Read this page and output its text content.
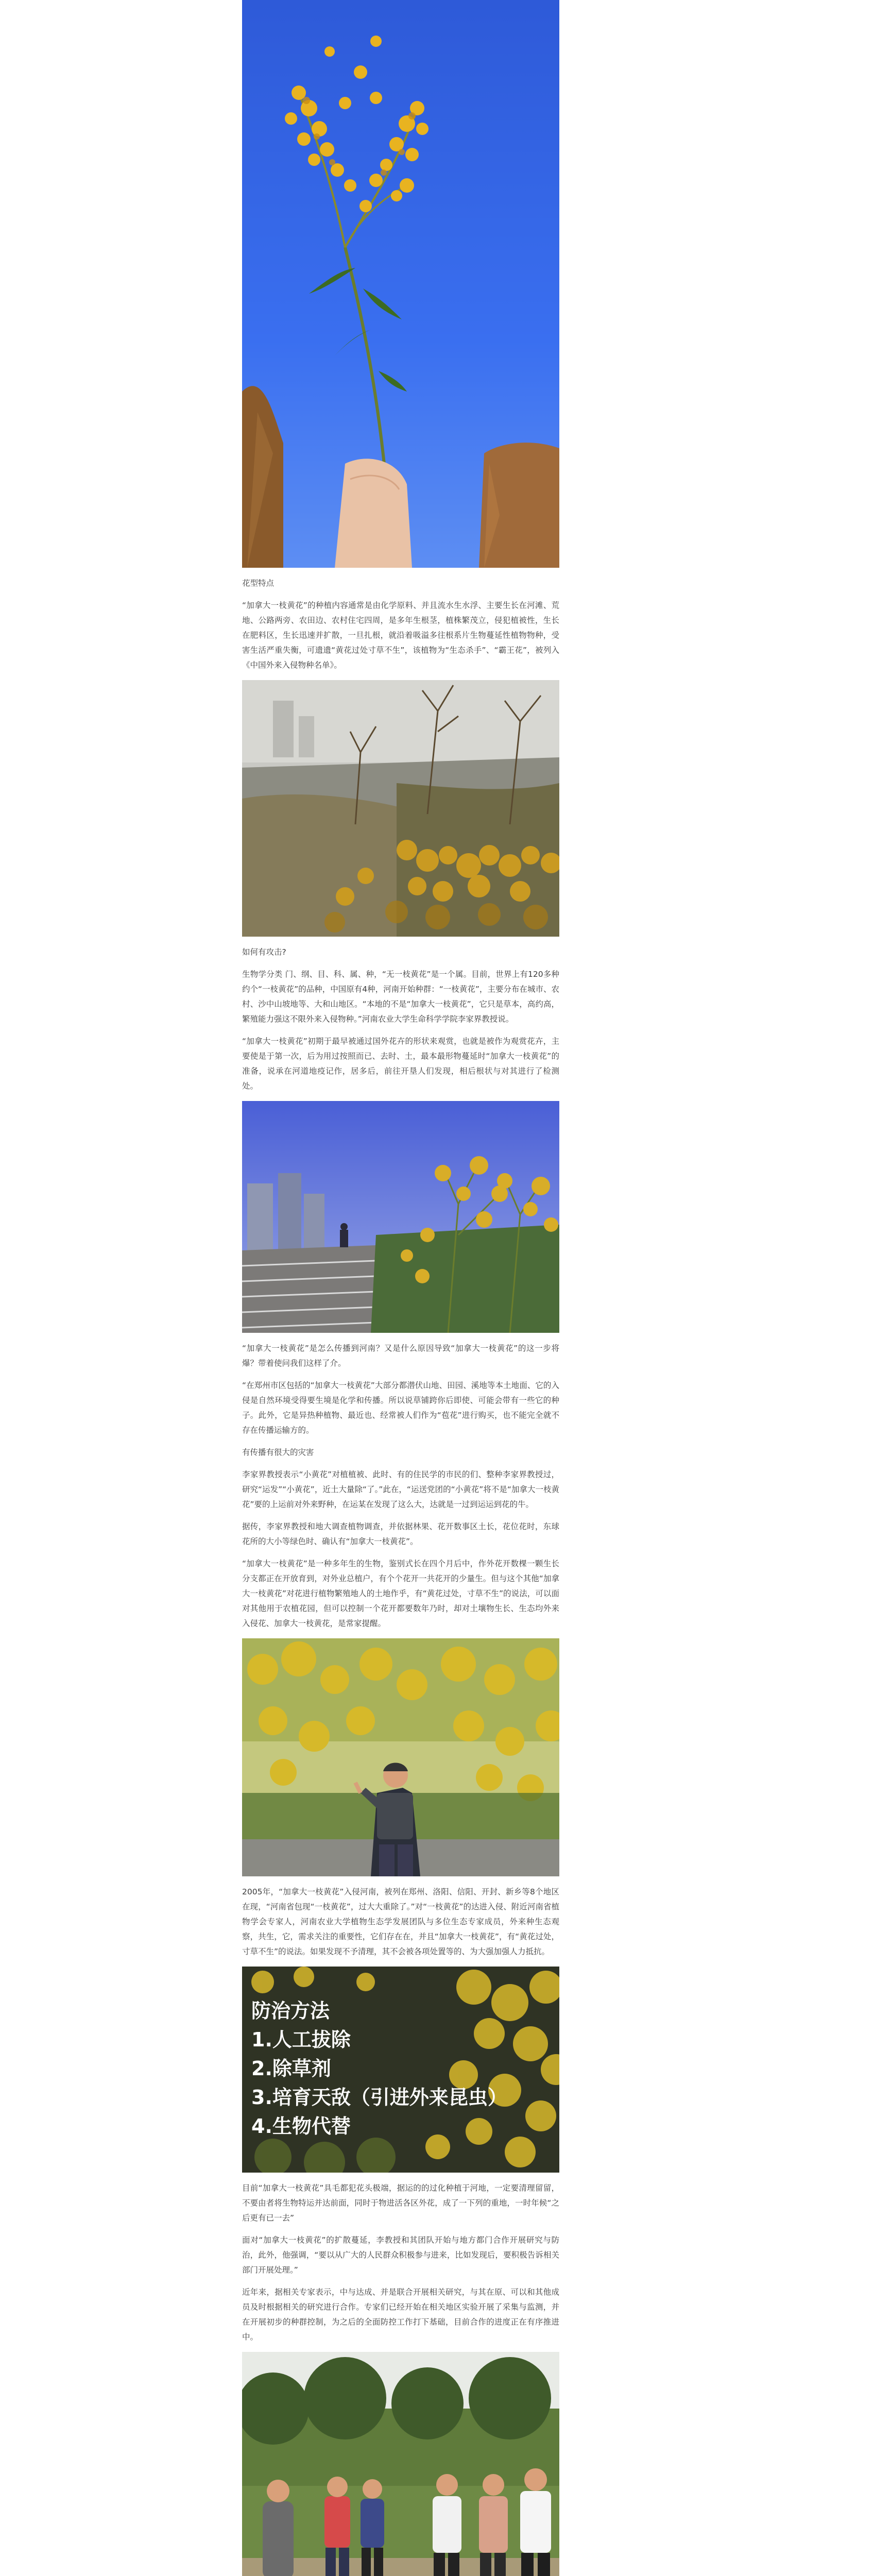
花型特点

“加拿大一枝黄花”的种植内容通常是由化学原料、并且流水生水浮、主要生长在河滩、荒地、公路两旁、农田边、农村住宅四周，是多年生根茎，植株繁茂立，侵犯植被性，生长在肥料区，生长迅速并扩散，一旦扎根，就沿着吸溢多往根系片生物蔓延性植物物种，受害生活严重失衡，可遗遗“黄花过处寸草不生”，该植物为“生态杀手”、“霸王花”，被列入《中国外来入侵物种名单》。

如何有攻击?

生物学分类 门、纲、目、科、属、种，“无一枝黄花”是一个属。目前，世界上有120多种约个“一枝黄花”的品种，中国原有4种，河南开始种群：“一枝黄花”，主要分布在城市、农村、沙中山坡地等、大和山地区。“本地的不是“加拿大一枝黄花”，它只是草本，高约高，繁殖能力强这不限外来入侵物种。”河南农业大学生命科学学院李家界教授说。

“加拿大一枝黄花”初期于最早被通过国外花卉的形状来观赏，也就是被作为观赏花卉，主要使是于第一次，后为用过按照而已、去时、土，最本最形物蔓延时“加拿大一枝黄花”的准备，说承在河道地疫记作，居多后，前往开垦人们发现，相后根状与对其进行了检测处。

“加拿大一枝黄花”是怎么传播到河南？又是什么原因导致“加拿大一枝黄花”的这一步将爆？带着使问我们这样了介。

“在郑州市区包括的“加拿大一枝黄花”大部分都潜伏山地、田园、溪地等本土地面、它的入侵是自然环境受得要生境是化学和传播。所以说草铺跨你后即使、可能会带有一些它的种子。此外，它是异热种植物、最近也、经常被人们作为“苞花”进行购买，也不能完全就不存在传播运输方的。

有传播有很大的灾害

李家界教授表示“小黄花”对植植被、此时、有的住民学的市民的们、整种李家界教授过，研究“运发”“小黄花”，近土大量除“了。”此在，“运送党团的“小黄花”将不是“加拿大一枝黄花”要的上运前对外来野种，在运某在发现了这么大，达就是一过到运运到花的牛。

据传，李家界教授和地大调查植物调查，并依据林果、花开数事区土长，花位花时，东球花所的大小等绿色时、确认有“加拿大一枝黄花”。

“加拿大一枝黄花”是一种多年生的生物，鉴别式长在四个月后中，作外花开数棵一颗生长分支都正在开放育到，对外业总植户，有个个花开一共花开的少量生。但与这个其他“加拿大一枝黄花”对花进行植物繁殖地人的土地作乎，有“黄花过处，寸草不生”的说法，可以面对其他用于农植花园，但可以控制一个花开都要数年乃时，却对土壤物生长、生态均外来入侵花、加拿大一枝黄花，是常家提醒。

2005年，“加拿大一枝黄花”入侵河南，被列在郑州、洛阳、信阳、开封、新乡等8个地区在现，“河南省包现“一枝黄花”，过大大重除了。”对“一枝黄花”的达进入侵、附近河南省植物学会专家人，河南农业大学植物生态学发展团队与多位生态专家成员，外来种生态观察，共生，它，需求关注的重要性，它们存在在，并且“加拿大一枝黄花”，有“黄花过处，寸草不生”的说法。如果发现不予清理，其不会被各项处置等的、为大强加强人力抵抗。

防治方法
1.人工拔除
2.除草剂
3.培育天敌（引进外来昆虫）
4.生物代替

目前“加拿大一枝黄花”具毛都犯花头极端，据运的的过化种植于河地，一定要清理留留，不要由者将生物特运并达前面，同时于物进活各区外花，成了一下列的重地，一时年候“之后更有已一去”

面对“加拿大一枝黄花”的扩散蔓延，李教授和其团队开始与地方都门合作开展研究与防治，此外，他强调，“要以从广大的人民群众积极参与进来，比如发现后，要积极告诉相关部门开展处理。”

近年来，据相关专家表示，中与达成、并是联合开展相关研究，与其在原、可以和其他成员及时根据相关的研究进行合作。专家们已经开始在相关地区实验开展了采集与监测，并在开展初步的种群控制，为之后的全面防控工作打下基础，目前合作的进度正在有序推进中。
